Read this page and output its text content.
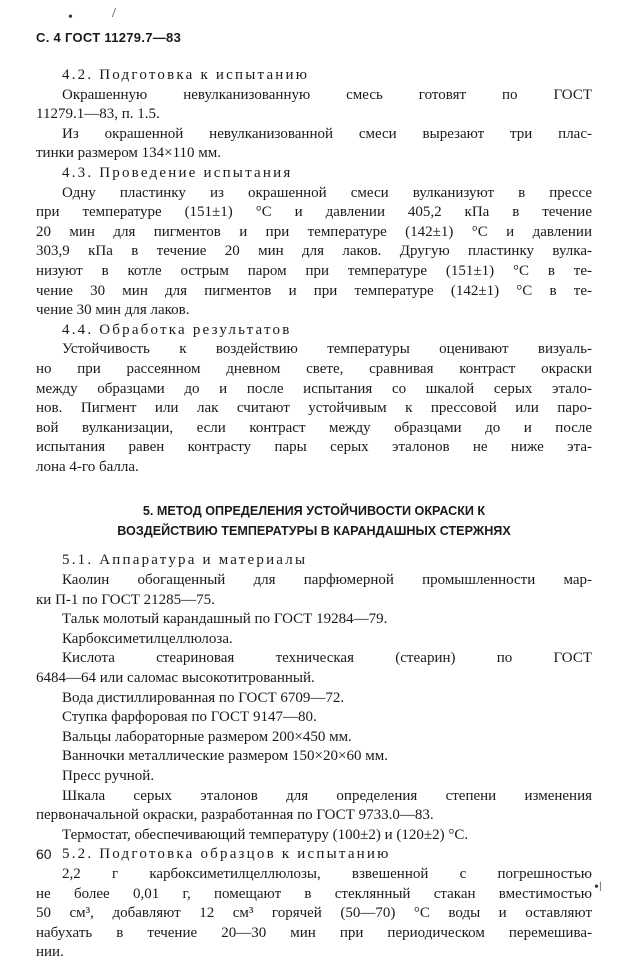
•	/
•ǀ
С. 4 ГОСТ 11279.7—83
4.2. Подготовка к испытанию
Окрашенную невулканизованную смесь готовят по ГОСТ
11279.1—83, п. 1.5.
Из окрашенной невулканизованной смеси вырезают три плас-
тинки размером 134×110 мм.
4.3. Проведение испытания
Одну пластинку из окрашенной смеси вулканизуют в прессе
при температуре (151±1) °С и давлении 405,2 кПа в течение
20 мин для пигментов и при температуре (142±1) °С и давлении
303,9 кПа в течение 20 мин для лаков. Другую пластинку вулка-
низуют в котле острым паром при температуре (151±1) °С в те-
чение 30 мин для пигментов и при температуре (142±1) °С в те-
чение 30 мин для лаков.
4.4. Обработка результатов
Устойчивость к воздействию температуры оценивают визуаль-
но при рассеянном дневном свете, сравнивая контраст окраски
между образцами до и после испытания со шкалой серых этало-
нов. Пигмент или лак считают устойчивым к прессовой или паро-
вой вулканизации, если контраст между образцами до и после
испытания равен контрасту пары серых эталонов не ниже эта-
лона 4-го балла.
5. МЕТОД ОПРЕДЕЛЕНИЯ УСТОЙЧИВОСТИ ОКРАСКИ К
ВОЗДЕЙСТВИЮ ТЕМПЕРАТУРЫ В КАРАНДАШНЫХ СТЕРЖНЯХ
5.1. Аппаратура и материалы
Каолин обогащенный для парфюмерной промышленности мар-
ки П-1 по ГОСТ 21285—75.
Тальк молотый карандашный по ГОСТ 19284—79.
Карбоксиметилцеллюлоза.
Кислота стеариновая техническая (стеарин) по ГОСТ
6484—64 или саломас высокотитрованный.
Вода дистиллированная по ГОСТ 6709—72.
Ступка фарфоровая по ГОСТ 9147—80.
Вальцы лабораторные размером 200×450 мм.
Ванночки металлические размером 150×20×60 мм.
Пресс ручной.
Шкала серых эталонов для определения степени изменения
первоначальной окраски, разработанная по ГОСТ 9733.0—83.
Термостат, обеспечивающий температуру (100±2) и (120±2) °С.
5.2. Подготовка образцов к испытанию
2,2 г карбоксиметилцеллюлозы, взвешенной с погрешностью
не более 0,01 г, помещают в стеклянный стакан вместимостью
50 см³, добавляют 12 см³ горячей (50—70) °С воды и оставляют
набухать в течение 20—30 мин при периодическом перемешива-
нии.
60
